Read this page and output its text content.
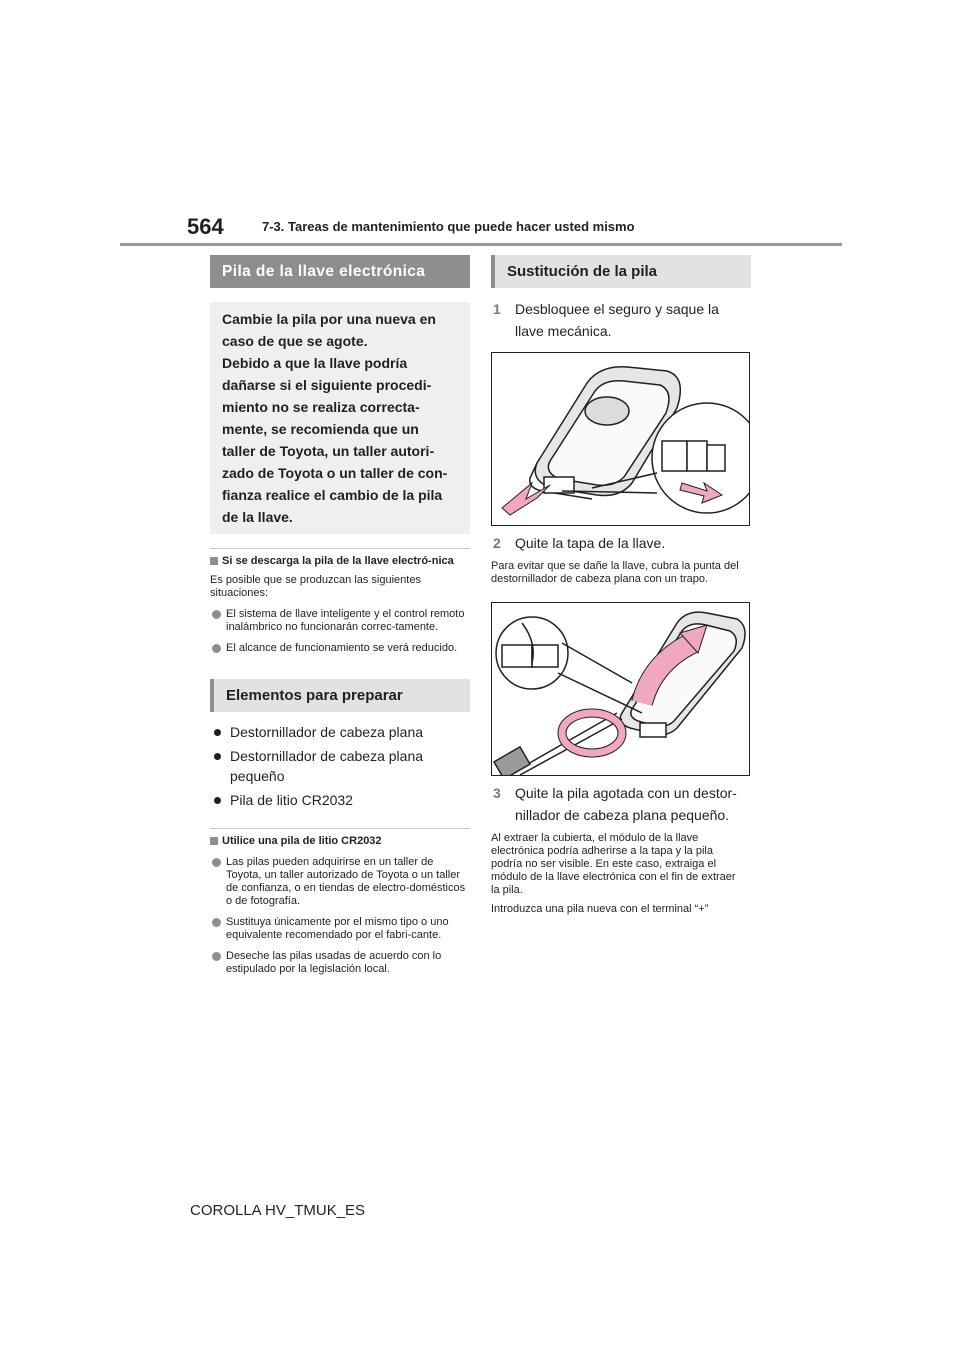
564	7-3. Tareas de mantenimiento que puede hacer usted mismo
Pila de la llave electrónica
Cambie la pila por una nueva en
caso de que se agote.
Debido a que la llave podría
dañarse si el siguiente procedi-
miento no se realiza correcta-
mente, se recomienda que un
taller de Toyota, un taller autori-
zado de Toyota o un taller de con-
fianza realice el cambio de la pila
de la llave.
Si se descarga la pila de la llave electró-nica
Es posible que se produzcan las siguientes situaciones:
El sistema de llave inteligente y el control remoto inalámbrico no funcionarán correc-tamente.
El alcance de funcionamiento se verá reducido.
Elementos para preparar
Destornillador de cabeza plana
Destornillador de cabeza plana pequeño
Pila de litio CR2032
Utilice una pila de litio CR2032
Las pilas pueden adquirirse en un taller de Toyota, un taller autorizado de Toyota o un taller de confianza, o en tiendas de electro-domésticos o de fotografía.
Sustituya únicamente por el mismo tipo o uno equivalente recomendado por el fabri-cante.
Deseche las pilas usadas de acuerdo con lo estipulado por la legislación local.
Sustitución de la pila
1	Desbloquee el seguro y saque la llave mecánica.
2	Quite la tapa de la llave.
Para evitar que se dañe la llave, cubra la punta del destornillador de cabeza plana con un trapo.
3	Quite la pila agotada con un destor-nillador de cabeza plana pequeño.
Al extraer la cubierta, el módulo de la llave electrónica podría adherirse a la tapa y la pila podría no ser visible. En este caso, extraiga el módulo de la llave electrónica con el fin de extraer la pila.
Introduzca una pila nueva con el terminal “+”
COROLLA HV_TMUK_ES
